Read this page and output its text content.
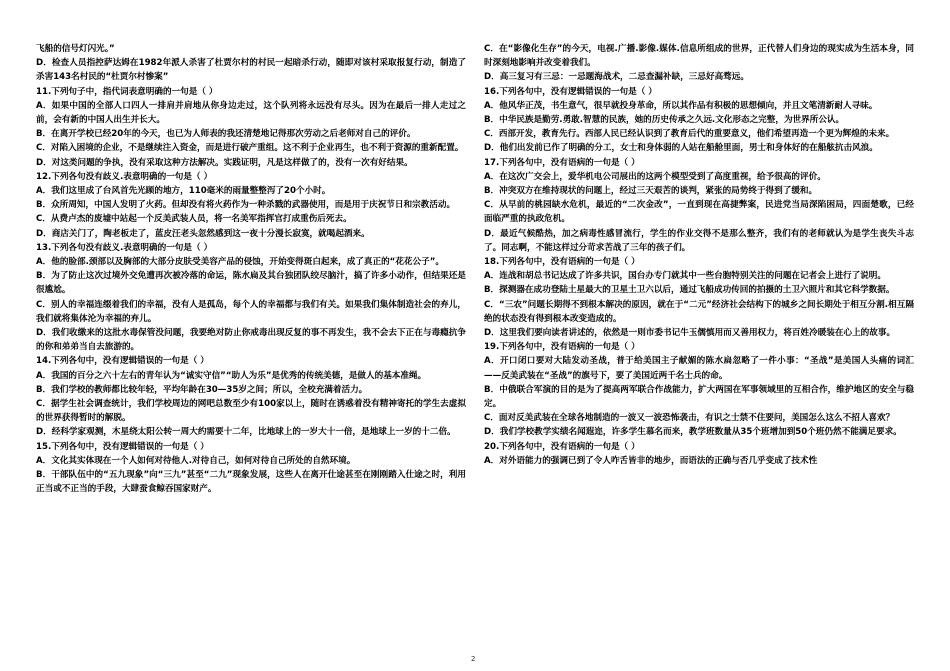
飞船的信号灯闪光。”

D．检查人员指控萨达姆在1982年派人杀害了杜贾尔村的村民一起暗杀行动，随即对该村采取报复行动，制造了杀害143名村民的“杜贾尔村惨案”

11.下列句子中，指代词表意明确的一句是（ ）

A．如果中国的全部人口四人一排肩并肩地从你身边走过，这个队列将永远没有尽头。因为在最后一排人走过之前，会有新的中国人出生并长大。

B．在离开学校已经20年的今天，也已为人师表的我还清楚地记得那次劳动之后老师对自己的评价。

C．对陷入困境的企业，不是继续注入资金，而是进行破产重组。这不利于企业再生，也不利于资源的重新配置。

D．对这类问题的争执，没有采取这种方法解决。实践证明，凡是这样做了的，没有一次有好结果。

12.下列各句没有歧义.表意明确的一句是（ ）

A．我们这里成了台风首先光顾的地方，110毫米的雨量整整泻了20个小时。

B．众所周知，中国人发明了火药。但却没有将火药作为一种杀戮的武器使用，而是用于庆祝节日和宗教活动。

C．从费卢杰的废墟中站起一个反美武装人员，将一名美军指挥官打成重伤后死去。

D．商店关门了，陶老板走了，蓝皮汪老头忽然感到这一夜十分漫长寂寞，就喝起酒来。

13.下列各句没有歧义.表意明确的一句是（ ）

A．他的脸部.颈部以及胸部的大部分皮肤受美容产品的侵蚀，开始变得斑白起来，成了真正的“花花公子”。

B．为了防止这次过境外交免遭再次被冷落的命运，陈水扁及其台独团队绞尽脑汁，搞了许多小动作，但结果还是很尴尬。

C．别人的幸福连缀着我们的幸福，没有人是孤岛，每个人的幸福都与我们有关。如果我们集体制造社会的弃儿，我们就将集体沦为幸福的弃儿。

D．我们收缴来的这批水毒保管没问题，我要绝对防止你戒毒出现反复的事不再发生，我不会去下正在与毒瘾抗争的你和弟弟当自去旅游的。

14.下列各句中，没有逻辑错误的一句是（ ）

A．我国的百分之六十左右的青年认为“诚实守信”“助人为乐”是优秀的传统美德，是做人的基本准绳。

B．我们学校的教师都比较年轻，平均年龄在30—35岁之间；所以，全校充满着活力。

C．据学生社会调查统计，我们学校周边的网吧总数至少有100家以上，随时在诱惑着没有精神寄托的学生去虚拟的世界获得暂时的解脱。

D．经科学家观测，木星绕太阳公转一周大约需要十二年，比地球上的一岁大十一倍，是地球上一岁的十二倍。

15.下列各句中，没有逻辑错误的一句是（ ）

A．文化其实体现在一个人如何对待他人.对待自己，如何对待自己所处的自然环境。

B．干部队伍中的“五九现象”向“三九”甚至“二九”现象发展，这些人在离开仕途甚至在刚刚踏入仕途之时，利用正当或不正当的手段，大肆蚕食鲸吞国家财产。

C．在“影像化生存”的今天，电视.广播.影像.媒体.信息所组成的世界，正代替人们身边的现实成为生活本身，同时深刻地影响并改变着我们。

D．高三复习有三忌：一忌题海战术，二忌查漏补缺，三忌好高骛远。

16.下列各句中，没有逻辑错误的一句是（ ）

A．他风华正茂，书生意气，很早就投身革命，所以其作品有积极的思想倾向，并且文笔清新耐人寻味。

B．中华民族是勤劳.勇敢.智慧的民族，她的历史传承之久远.文化形态之完整，为世界所公认。

C．西部开发，教育先行。西部人民已经认识到了教育后代的重要意义，他们希望再造一个更为辉煌的未来。

D．他们出发前已作了明确的分工，女士和身体弱的人站在船舱里面，男士和身体好的在船舷抗击风浪。

17.下列各句中，没有语病的一句是（ ）

A．在这次广交会上，爱华机电公司展出的这两个模型受到了高度重视，给予很高的评价。

B．冲突双方在维持现状的问题上，经过三天艰苦的谈判，紧张的局势终于得到了缓和。

C．从早前的桃园缺水危机，最近的“二次金改”，一直到现在高捷弊案，民进党当局深陷困局，四面楚歌，已经面临严重的执政危机。

D．最近气候酷热，加之病毒性感冒流行，学生的作业交得不是那么整齐，我们有的老师就认为是学生丧失斗志了。同志啊，不能这样过分苛求苦战了三年的孩子们。

18.下列各句中，没有语病的一句是（ ）

A．连战和胡总书记达成了许多共识，国台办专门就其中一些台胞特别关注的问题在记者会上进行了说明。

B．探测器在成功登陆土星最大的卫星土卫六以后，通过飞船成功传回的拍摄的土卫六照片和其它科学数据。

C．“三农”问题长期得不到根本解决的原因，就在于“二元”经济社会结构下的城乡之间长期处于相互分割.相互隔绝的状态没有得到根本改变造成的。

D．这里我们要向读者讲述的，依然是一则市委书记牛玉儒慎用而又善用权力，将百姓冷暖装在心上的故事。

19.下列各句中，没有语病的一句是（ ）

A．开口闭口要对大陆发动圣战，普于给美国主子献媚的陈水扁忽略了一件小事：“圣战”是美国人头痛的词汇——反美武装在“圣战”的旗号下，要了美国近两千名士兵的命。

B．中俄联合军演的目的是为了提高两军联合作战能力，扩大两国在军事领域里的互相合作，维护地区的安全与稳定。

C．面对反美武装在全球各地制造的一波又一波恐怖袭击，有识之士禁不住要问，美国怎么这么不招人喜欢？

D．我们学校教学实绩名闻遐迩，许多学生慕名而来，教学班数量从35个班增加到50个班仍然不能满足要求。

20.下列各句中，没有语病的一句是（ ）

A．对外语能力的强调已到了令人咋舌皆非的地步，而语法的正确与否几乎变成了技术性

2
